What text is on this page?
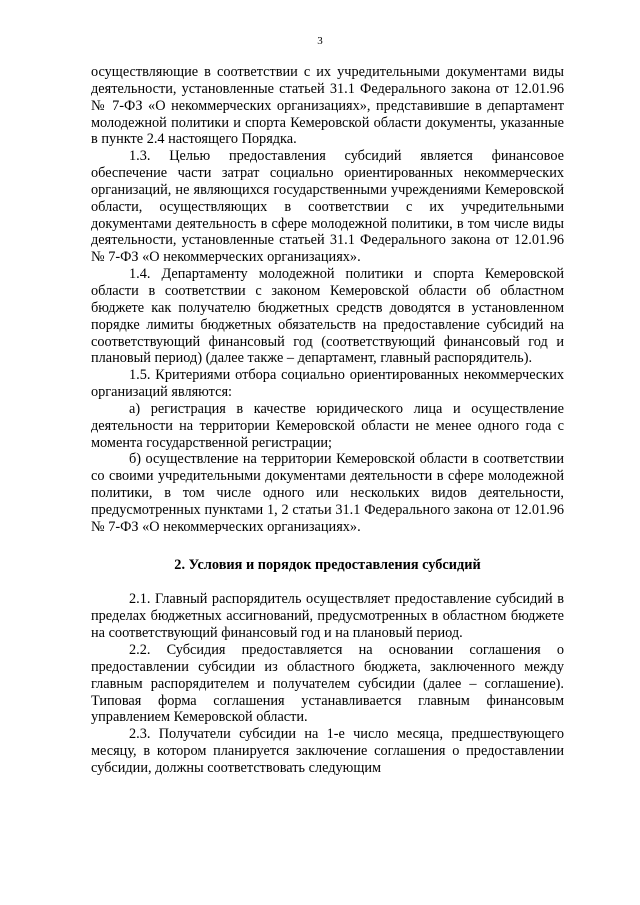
3

осуществляющие в соответствии с их учредительными документами виды деятельности, установленные статьей 31.1 Федерального закона от 12.01.96 № 7-ФЗ «О некоммерческих организациях», представившие в департамент молодежной политики и спорта Кемеровской области документы, указанные в пункте 2.4 настоящего Порядка.

1.3. Целью предоставления субсидий является финансовое обеспечение части затрат социально ориентированных некоммерческих организаций, не являющихся государственными учреждениями Кемеровской области, осуществляющих в соответствии с их учредительными документами деятельность в сфере молодежной политики, в том числе виды деятельности, установленные статьей 31.1 Федерального закона от 12.01.96 № 7-ФЗ «О некоммерческих организациях».

1.4. Департаменту молодежной политики и спорта Кемеровской области в соответствии с законом Кемеровской области об областном бюджете как получателю бюджетных средств доводятся в установленном порядке лимиты бюджетных обязательств на предоставление субсидий на соответствующий финансовый год (соответствующий финансовый год и плановый период) (далее также – департамент, главный распорядитель).

1.5. Критериями отбора социально ориентированных некоммерческих организаций являются:

а) регистрация в качестве юридического лица и осуществление деятельности на территории Кемеровской области не менее одного года с момента государственной регистрации;

б) осуществление на территории Кемеровской области в соответствии со своими учредительными документами деятельности в сфере молодежной политики, в том числе одного или нескольких видов деятельности, предусмотренных пунктами 1, 2 статьи 31.1 Федерального закона от 12.01.96 № 7-ФЗ «О некоммерческих организациях».

2. Условия и порядок предоставления субсидий

2.1. Главный распорядитель осуществляет предоставление субсидий в пределах бюджетных ассигнований, предусмотренных в областном бюджете на соответствующий финансовый год и на плановый период.

2.2. Субсидия предоставляется на основании соглашения о предоставлении субсидии из областного бюджета, заключенного между главным распорядителем и получателем субсидии (далее – соглашение). Типовая форма соглашения устанавливается главным финансовым управлением Кемеровской области.

2.3. Получатели субсидии на 1-е число месяца, предшествующего месяцу, в котором планируется заключение соглашения о предоставлении субсидии, должны соответствовать следующим
